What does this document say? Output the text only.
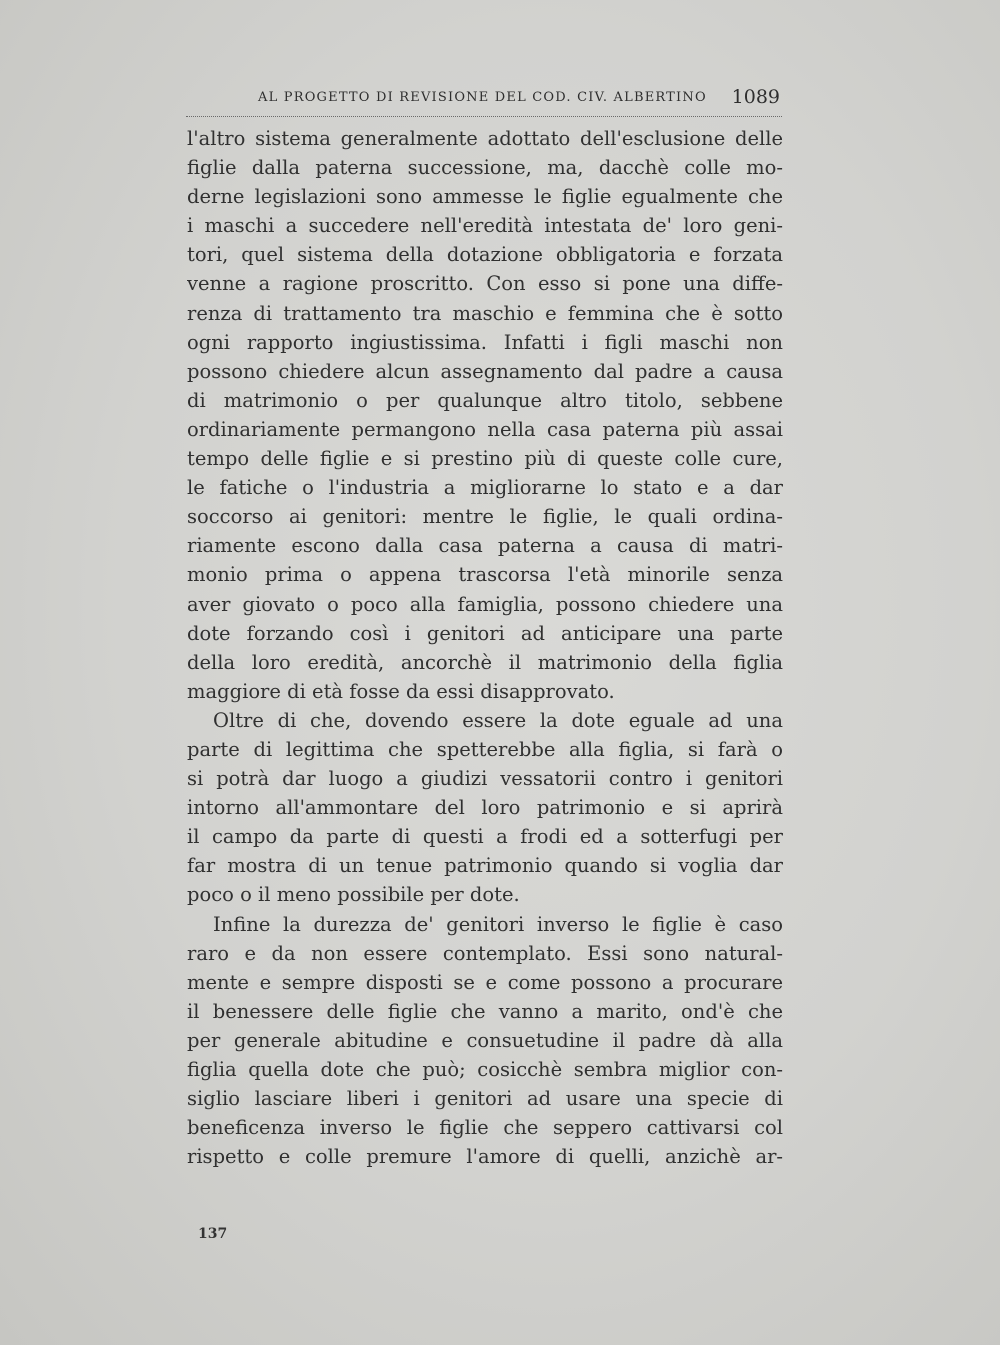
AL PROGETTO DI REVISIONE DEL COD. CIV. ALBERTINO 1089
l'altro sistema generalmente adottato dell'esclusione delle
figlie dalla paterna successione, ma, dacchè colle mo-
derne legislazioni sono ammesse le figlie egualmente che
i maschi a succedere nell'eredità intestata de' loro geni-
tori, quel sistema della dotazione obbligatoria e forzata
venne a ragione proscritto. Con esso si pone una diffe-
renza di trattamento tra maschio e femmina che è sotto
ogni rapporto ingiustissima. Infatti i figli maschi non
possono chiedere alcun assegnamento dal padre a causa
di matrimonio o per qualunque altro titolo, sebbene
ordinariamente permangono nella casa paterna più assai
tempo delle figlie e si prestino più di queste colle cure,
le fatiche o l'industria a migliorarne lo stato e a dar
soccorso ai genitori: mentre le figlie, le quali ordina-
riamente escono dalla casa paterna a causa di matri-
monio prima o appena trascorsa l'età minorile senza
aver giovato o poco alla famiglia, possono chiedere una
dote forzando così i genitori ad anticipare una parte
della loro eredità, ancorchè il matrimonio della figlia
maggiore di età fosse da essi disapprovato.
Oltre di che, dovendo essere la dote eguale ad una
parte di legittima che spetterebbe alla figlia, si farà o
si potrà dar luogo a giudizi vessatorii contro i genitori
intorno all'ammontare del loro patrimonio e si aprirà
il campo da parte di questi a frodi ed a sotterfugi per
far mostra di un tenue patrimonio quando si voglia dar
poco o il meno possibile per dote.
Infine la durezza de' genitori inverso le figlie è caso
raro e da non essere contemplato. Essi sono natural-
mente e sempre disposti se e come possono a procurare
il benessere delle figlie che vanno a marito, ond'è che
per generale abitudine e consuetudine il padre dà alla
figlia quella dote che può; cosicchè sembra miglior con-
siglio lasciare liberi i genitori ad usare una specie di
beneficenza inverso le figlie che seppero cattivarsi col
rispetto e colle premure l'amore di quelli, anzichè ar-
137
